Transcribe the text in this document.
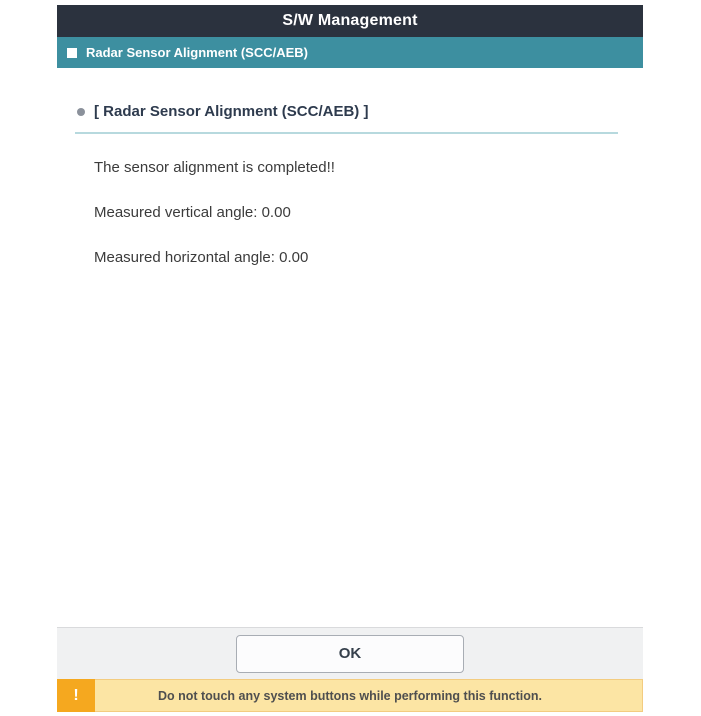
S/W Management
Radar Sensor Alignment (SCC/AEB)
[ Radar Sensor Alignment (SCC/AEB) ]
The sensor alignment is completed!!
Measured vertical angle: 0.00
Measured horizontal angle: 0.00
OK
Do not touch any system buttons while performing this function.
!
